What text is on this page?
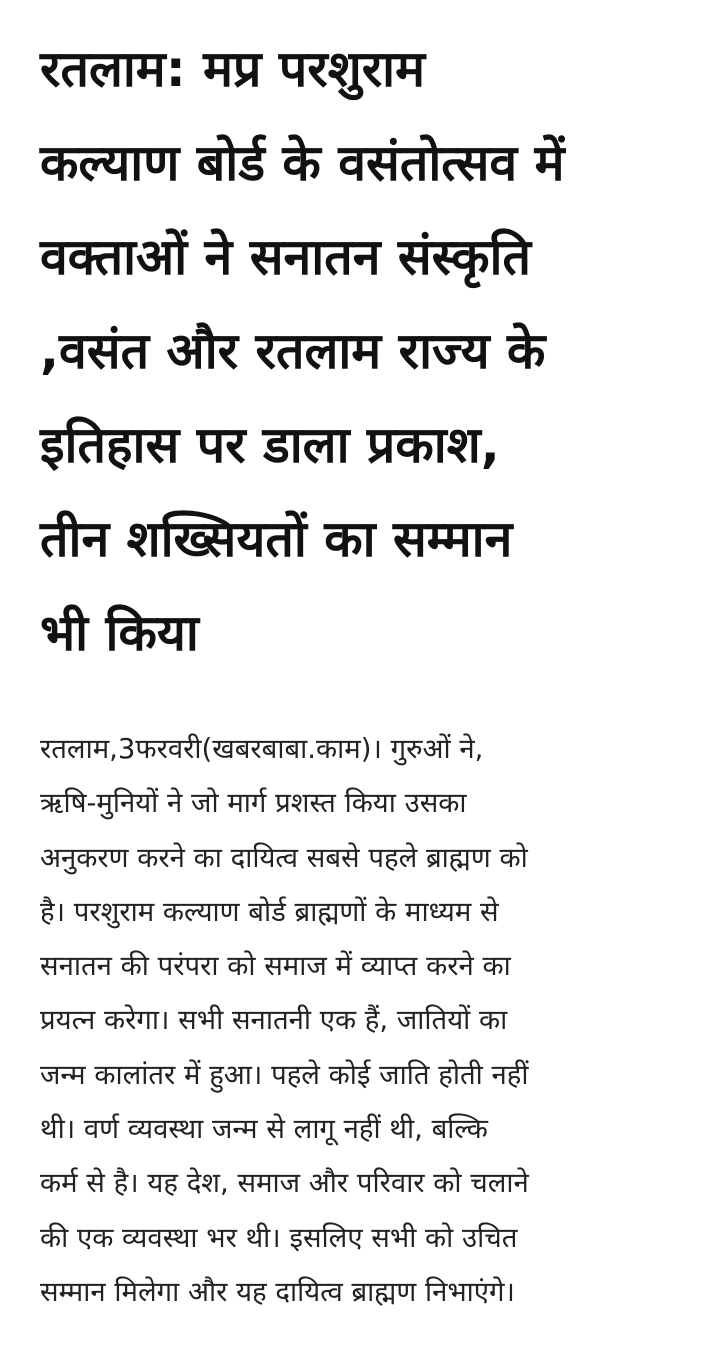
रतलाम: मप्र परशुराम
कल्याण बोर्ड के वसंतोत्सव में
वक्ताओं ने सनातन संस्कृति
,वसंत और रतलाम राज्य के
इतिहास पर डाला प्रकाश,
तीन शख्सियतों का सम्मान
भी किया

रतलाम,3फरवरी(खबरबाबा.काम)। गुरुओं ने,
ऋषि-मुनियों ने जो मार्ग प्रशस्त किया उसका
अनुकरण करने का दायित्व सबसे पहले ब्राह्मण को
है। परशुराम कल्याण बोर्ड ब्राह्मणों के माध्यम से
सनातन की परंपरा को समाज में व्याप्त करने का
प्रयत्न करेगा। सभी सनातनी एक हैं, जातियों का
जन्म कालांतर में हुआ। पहले कोई जाति होती नहीं
थी। वर्ण व्यवस्था जन्म से लागू नहीं थी, बल्कि
कर्म से है। यह देश, समाज और परिवार को चलाने
की एक व्यवस्था भर थी। इसलिए सभी को उचित
सम्मान मिलेगा और यह दायित्व ब्राह्मण निभाएंगे।
